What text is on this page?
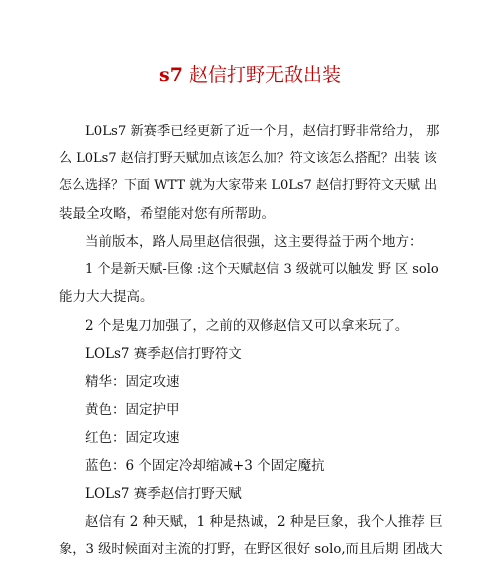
s7 赵信打野无敌出装
L0Ls7 新赛季已经更新了近一个月，赵信打野非常给力， 那
么 L0Ls7 赵信打野天赋加点该怎么加？符文该怎么搭配？出装 该
怎么选择？下面 WTT 就为大家带来 L0Ls7 赵信打野符文天赋 出
装最全攻略，希望能对您有所帮助。
当前版本，路人局里赵信很强，这主要得益于两个地方：
1 个是新天赋-巨像 :这个天赋赵信 3 级就可以触发 野 区 solo
能力大大提高。
2 个是鬼刀加强了，之前的双修赵信又可以拿来玩了。
LOLs7 赛季赵信打野符文
精华：固定攻速
黄色：固定护甲
红色：固定攻速
蓝色：6 个固定冷却缩减+3 个固定魔抗
LOLs7 赛季赵信打野天赋
赵信有 2 种天赋，1 种是热诚，2 种是巨象，我个人推荐 巨
象，3 级时候面对主流的打野，在野区很好 solo,而且后期 团战大
